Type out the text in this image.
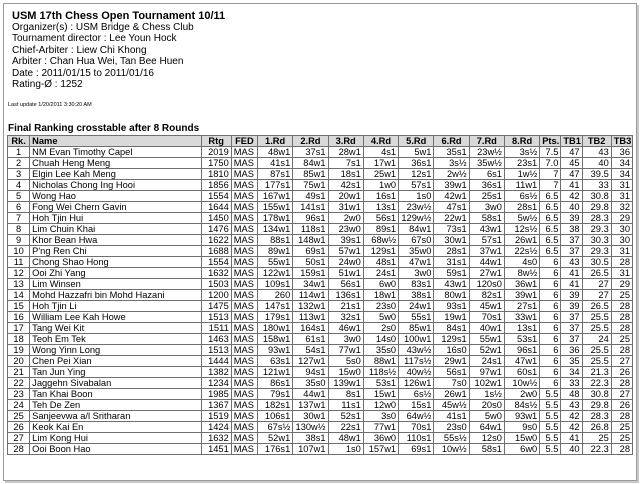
USM 17th Chess Open Tournament 10/11
Organizer(s) : USM Bridge & Chess Club
Tournament director : Lee Youn Hock
Chief-Arbiter : Liew Chi Khong
Arbiter : Chan Hua Wei, Tan Bee Huen
Date : 2011/01/15 to 2011/01/16
Rating-Ø : 1252
Last update 1/20/2011 3:30:20 AM
Final Ranking crosstable after 8 Rounds
Rk.	Name	Rtg	FED	1.Rd	2.Rd	3.Rd	4.Rd	5.Rd	6.Rd	7.Rd	8.Rd	Pts.	TB1	TB2	TB3
1	NM Evan Timothy Capel	2019	MAS	48w1	37s1	28w1	4s1	5w1	35s1	23w½	3s½	7.5	47	43	36
2	Chuah Heng Meng	1750	MAS	41s1	84w1	7s1	17w1	36s1	3s½	35w½	23s1	7.0	45	40	34
3	Elgin Lee Kah Meng	1810	MAS	87s1	85w1	18s1	25w1	12s1	2w½	6s1	1w½	7	47	39.5	34
4	Nicholas Chong Ing Hooi	1856	MAS	177s1	75w1	42s1	1w0	57s1	39w1	36s1	11w1	7	41	33	31
5	Wong Hao	1554	MAS	167w1	49s1	20w1	16s1	1s0	42w1	25s1	6s½	6.5	42	30.8	31
6	Fong Wei Chern Gavin	1644	MAS	155w1	141s1	31w1	13s1	23w½	47s1	3w0	28s1	6.5	40	29.8	32
7	Hoh Tjin Hui	1450	MAS	178w1	96s1	2w0	56s1	129w½	22w1	58s1	5w½	6.5	39	28.3	29
8	Lim Chuin Khai	1476	MAS	134w1	118s1	23w0	89s1	84w1	73s1	43w1	12s½	6.5	38	29.3	30
9	Khor Bean Hwa	1622	MAS	88s1	148w1	39s1	68w½	67s0	30w1	57s1	26w1	6.5	37	30.3	30
10	P'ng Ren Chi	1688	MAS	89w1	69s1	57w1	129s1	35w0	28s1	37w1	22s½	6.5	37	29.3	31
11	Chong Shao Hong	1554	MAS	55w1	50s1	24w0	48s1	47w1	31s1	44w1	4s0	6	43	30.5	28
12	Ooi Zhi Yang	1632	MAS	122w1	159s1	51w1	24s1	3w0	59s1	27w1	8w½	6	41	26.5	31
13	Lim Winsen	1503	MAS	109s1	34w1	56s1	6w0	83s1	43w1	120s0	36w1	6	41	27	29
14	Mohd Hazzafri bin Mohd Hazani	1200	MAS	260	114w1	136s1	18w1	38s1	80w1	82s1	39w1	6	39	27	25
15	Hoh Tjin Li	1475	MAS	147s1	132w1	21s1	23s0	24w1	93s1	45w1	27s1	6	39	26.5	28
16	William Lee Kah Howe	1513	MAS	179s1	113w1	32s1	5w0	55s1	19w1	70s1	33w1	6	37	25.5	28
17	Tang Wei Kit	1511	MAS	180w1	164s1	46w1	2s0	85w1	84s1	40w1	13s1	6	37	25.5	28
18	Teoh Em Tek	1463	MAS	158w1	61s1	3w0	14s0	100w1	129s1	55w1	53s1	6	37	24	25
19	Wong Yinn Long	1513	MAS	93w1	54s1	77w1	35s0	43w½	16s0	52w1	96s1	6	36	25.5	28
20	Chen Pei Xian	1444	MAS	63s1	127w1	5s0	88w1	117s½	29w1	24s1	47w1	6	35	25.5	27
21	Tan Jun Ying	1382	MAS	121w1	94s1	15w0	118s½	40w½	56s1	97w1	60s1	6	34	21.3	26
22	Jaggehn Sivabalan	1234	MAS	86s1	35s0	139w1	53s1	126w1	7s0	102w1	10w½	6	33	22.3	28
23	Tan Khai Boon	1985	MAS	79s1	44w1	8s1	15w1	6s½	26w1	1s½	2w0	5.5	48	30.8	27
24	Teh De Zen	1367	MAS	182s1	137w1	11s1	12w0	15s1	45w½	20s0	84s½	5.5	43	29.8	26
25	Sanjeevwa a/l Sritharan	1519	MAS	106s1	30w1	52s1	3s0	64w½	41s1	5w0	93w1	5.5	42	28.3	28
26	Keok Kai En	1424	MAS	67s½	130w½	22s1	77w1	70s1	23s0	64w1	9s0	5.5	42	26.8	25
27	Lim Kong Hui	1632	MAS	52w1	38s1	48w1	36w0	110s1	55s½	12s0	15w0	5.5	41	25	25
28	Ooi Boon Hao	1451	MAS	176s1	107w1	1s0	157w1	69s1	10w½	58s1	6w0	5.5	40	22.3	28
